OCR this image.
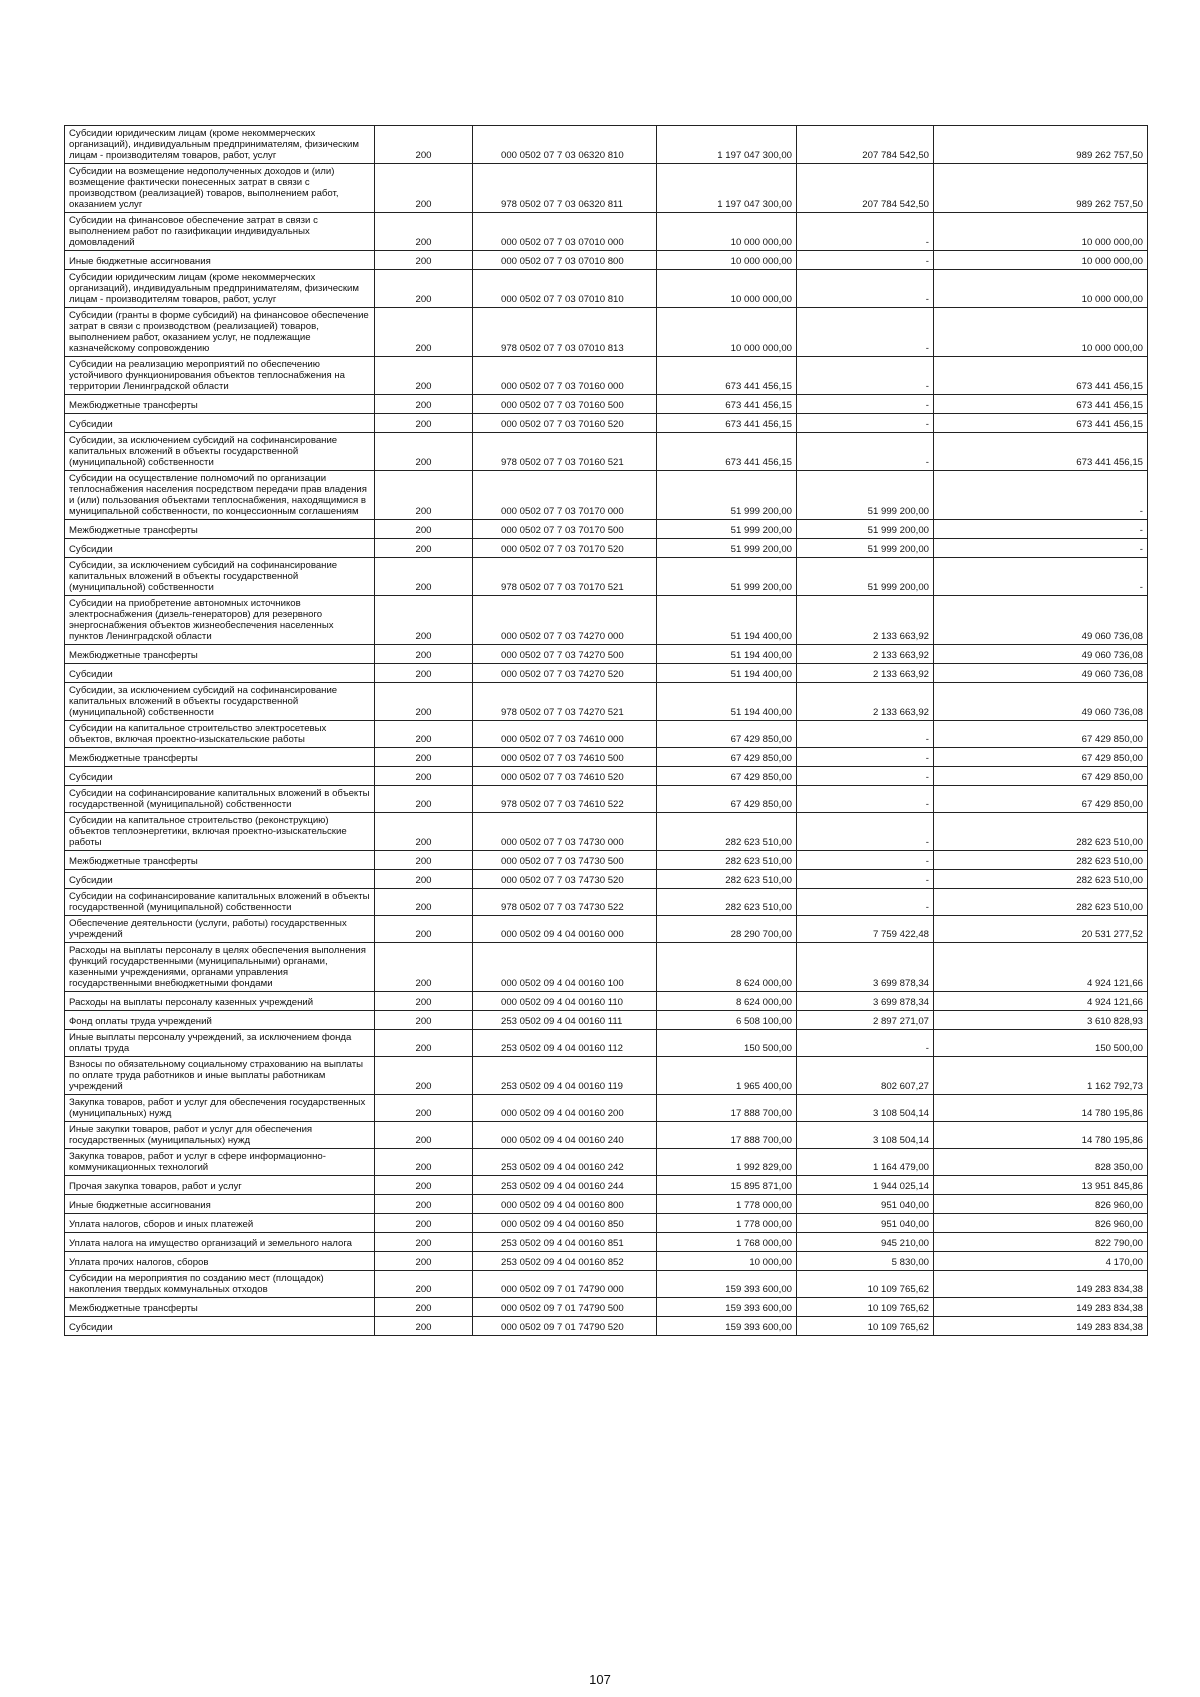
Субсидии юридическим лицам (кроме некоммерческих организаций), индивидуальным предпринимателям, физическим лицам - производителям товаров, работ, услуг	200	000 0502 07 7 03 06320 810	1 197 047 300,00	207 784 542,50	989 262 757,50
Субсидии на возмещение недополученных доходов и (или) возмещение фактически понесенных затрат в связи с производством (реализацией) товаров, выполнением работ, оказанием услуг	200	978 0502 07 7 03 06320 811	1 197 047 300,00	207 784 542,50	989 262 757,50
Субсидии на финансовое обеспечение затрат в связи с выполнением работ по газификации индивидуальных домовладений	200	000 0502 07 7 03 07010 000	10 000 000,00	-	10 000 000,00
Иные бюджетные ассигнования	200	000 0502 07 7 03 07010 800	10 000 000,00	-	10 000 000,00
Субсидии юридическим лицам (кроме некоммерческих организаций), индивидуальным предпринимателям, физическим лицам - производителям товаров, работ, услуг	200	000 0502 07 7 03 07010 810	10 000 000,00	-	10 000 000,00
Субсидии (гранты в форме субсидий) на финансовое обеспечение затрат в связи с производством (реализацией) товаров, выполнением работ, оказанием услуг, не подлежащие казначейскому сопровождению	200	978 0502 07 7 03 07010 813	10 000 000,00	-	10 000 000,00
Субсидии на реализацию мероприятий по обеспечению устойчивого функционирования объектов теплоснабжения на территории Ленинградской области	200	000 0502 07 7 03 70160 000	673 441 456,15	-	673 441 456,15
Межбюджетные трансферты	200	000 0502 07 7 03 70160 500	673 441 456,15	-	673 441 456,15
Субсидии	200	000 0502 07 7 03 70160 520	673 441 456,15	-	673 441 456,15
Субсидии, за исключением субсидий на софинансирование капитальных вложений в объекты государственной (муниципальной) собственности	200	978 0502 07 7 03 70160 521	673 441 456,15	-	673 441 456,15
Субсидии на осуществление полномочий по организации теплоснабжения населения посредством передачи прав владения и (или) пользования объектами теплоснабжения, находящимися в муниципальной собственности, по концессионным соглашениям	200	000 0502 07 7 03 70170 000	51 999 200,00	51 999 200,00	-
Межбюджетные трансферты	200	000 0502 07 7 03 70170 500	51 999 200,00	51 999 200,00	-
Субсидии	200	000 0502 07 7 03 70170 520	51 999 200,00	51 999 200,00	-
Субсидии, за исключением субсидий на софинансирование капитальных вложений в объекты государственной (муниципальной) собственности	200	978 0502 07 7 03 70170 521	51 999 200,00	51 999 200,00	-
Субсидии на приобретение автономных источников электроснабжения (дизель-генераторов) для резервного энергоснабжения объектов жизнеобеспечения населенных пунктов Ленинградской области	200	000 0502 07 7 03 74270 000	51 194 400,00	2 133 663,92	49 060 736,08
Межбюджетные трансферты	200	000 0502 07 7 03 74270 500	51 194 400,00	2 133 663,92	49 060 736,08
Субсидии	200	000 0502 07 7 03 74270 520	51 194 400,00	2 133 663,92	49 060 736,08
Субсидии, за исключением субсидий на софинансирование капитальных вложений в объекты государственной (муниципальной) собственности	200	978 0502 07 7 03 74270 521	51 194 400,00	2 133 663,92	49 060 736,08
Субсидии на капитальное строительство электросетевых объектов, включая проектно-изыскательские работы	200	000 0502 07 7 03 74610 000	67 429 850,00	-	67 429 850,00
Межбюджетные трансферты	200	000 0502 07 7 03 74610 500	67 429 850,00	-	67 429 850,00
Субсидии	200	000 0502 07 7 03 74610 520	67 429 850,00	-	67 429 850,00
Субсидии на софинансирование капитальных вложений в объекты государственной (муниципальной) собственности	200	978 0502 07 7 03 74610 522	67 429 850,00	-	67 429 850,00
Субсидии на капитальное строительство (реконструкцию) объектов теплоэнергетики, включая проектно-изыскательские работы	200	000 0502 07 7 03 74730 000	282 623 510,00	-	282 623 510,00
Межбюджетные трансферты	200	000 0502 07 7 03 74730 500	282 623 510,00	-	282 623 510,00
Субсидии	200	000 0502 07 7 03 74730 520	282 623 510,00	-	282 623 510,00
Субсидии на софинансирование капитальных вложений в объекты государственной (муниципальной) собственности	200	978 0502 07 7 03 74730 522	282 623 510,00	-	282 623 510,00
Обеспечение деятельности (услуги, работы) государственных учреждений	200	000 0502 09 4 04 00160 000	28 290 700,00	7 759 422,48	20 531 277,52
Расходы на выплаты персоналу в целях обеспечения выполнения функций государственными (муниципальными) органами, казенными учреждениями, органами управления государственными внебюджетными фондами	200	000 0502 09 4 04 00160 100	8 624 000,00	3 699 878,34	4 924 121,66
Расходы на выплаты персоналу казенных учреждений	200	000 0502 09 4 04 00160 110	8 624 000,00	3 699 878,34	4 924 121,66
Фонд оплаты труда учреждений	200	253 0502 09 4 04 00160 111	6 508 100,00	2 897 271,07	3 610 828,93
Иные выплаты персоналу учреждений, за исключением фонда оплаты труда	200	253 0502 09 4 04 00160 112	150 500,00	-	150 500,00
Взносы по обязательному социальному страхованию на выплаты по оплате труда работников и иные выплаты работникам учреждений	200	253 0502 09 4 04 00160 119	1 965 400,00	802 607,27	1 162 792,73
Закупка товаров, работ и услуг для обеспечения государственных (муниципальных) нужд	200	000 0502 09 4 04 00160 200	17 888 700,00	3 108 504,14	14 780 195,86
Иные закупки товаров, работ и услуг для обеспечения государственных (муниципальных) нужд	200	000 0502 09 4 04 00160 240	17 888 700,00	3 108 504,14	14 780 195,86
Закупка товаров, работ и услуг в сфере информационно-коммуникационных технологий	200	253 0502 09 4 04 00160 242	1 992 829,00	1 164 479,00	828 350,00
Прочая закупка товаров, работ и услуг	200	253 0502 09 4 04 00160 244	15 895 871,00	1 944 025,14	13 951 845,86
Иные бюджетные ассигнования	200	000 0502 09 4 04 00160 800	1 778 000,00	951 040,00	826 960,00
Уплата налогов, сборов и иных платежей	200	000 0502 09 4 04 00160 850	1 778 000,00	951 040,00	826 960,00
Уплата налога на имущество организаций и земельного налога	200	253 0502 09 4 04 00160 851	1 768 000,00	945 210,00	822 790,00
Уплата прочих налогов, сборов	200	253 0502 09 4 04 00160 852	10 000,00	5 830,00	4 170,00
Субсидии на мероприятия по созданию мест (площадок) накопления твердых коммунальных отходов	200	000 0502 09 7 01 74790 000	159 393 600,00	10 109 765,62	149 283 834,38
Межбюджетные трансферты	200	000 0502 09 7 01 74790 500	159 393 600,00	10 109 765,62	149 283 834,38
Субсидии	200	000 0502 09 7 01 74790 520	159 393 600,00	10 109 765,62	149 283 834,38
107
